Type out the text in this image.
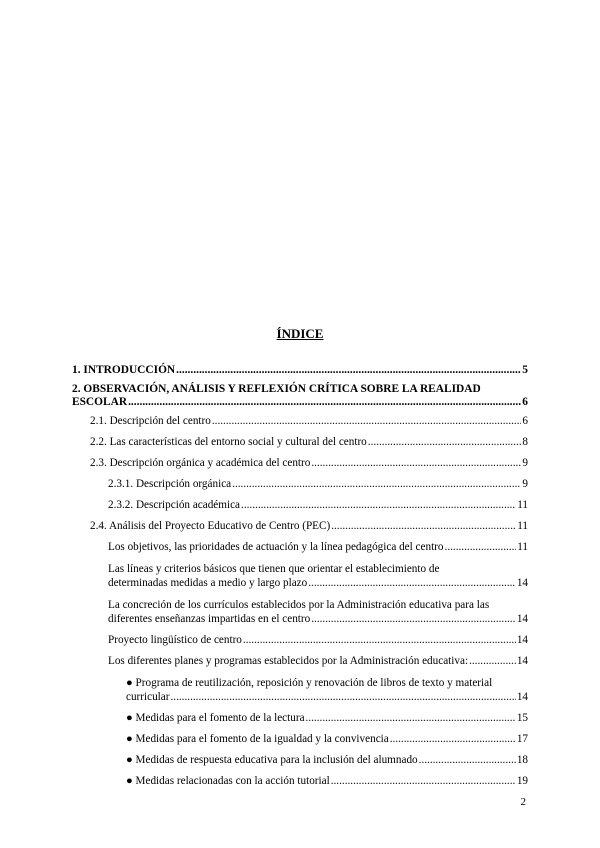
ÍNDICE
1. INTRODUCCIÓN .....	5
2. OBSERVACIÓN, ANÁLISIS Y REFLEXIÓN CRÍTICA SOBRE LA REALIDAD
ESCOLAR .....	6
2.1. Descripción del centro .....	6
2.2. Las características del entorno social y cultural del centro .....	8
2.3. Descripción orgánica y académica del centro .....	9
2.3.1. Descripción orgánica .....	9
2.3.2. Descripción académica .....	11
2.4. Análisis del Proyecto Educativo de Centro (PEC) .....	11
Los objetivos, las prioridades de actuación y la línea pedagógica del centro .....	11
Las líneas y criterios básicos que tienen que orientar el establecimiento de
determinadas medidas a medio y largo plazo .....	14
La concreción de los currículos establecidos por la Administración educativa para las
diferentes enseñanzas impartidas en el centro .....	14
Proyecto lingüístico de centro .....	14
Los diferentes planes y programas establecidos por la Administración educativa: .....	14
● Programa de reutilización, reposición y renovación de libros de texto y material
curricular .....	14
● Medidas para el fomento de la lectura .....	15
● Medidas para el fomento de la igualdad y la convivencia .....	17
● Medidas de respuesta educativa para la inclusión del alumnado .....	18
● Medidas relacionadas con la acción tutorial .....	19
2
